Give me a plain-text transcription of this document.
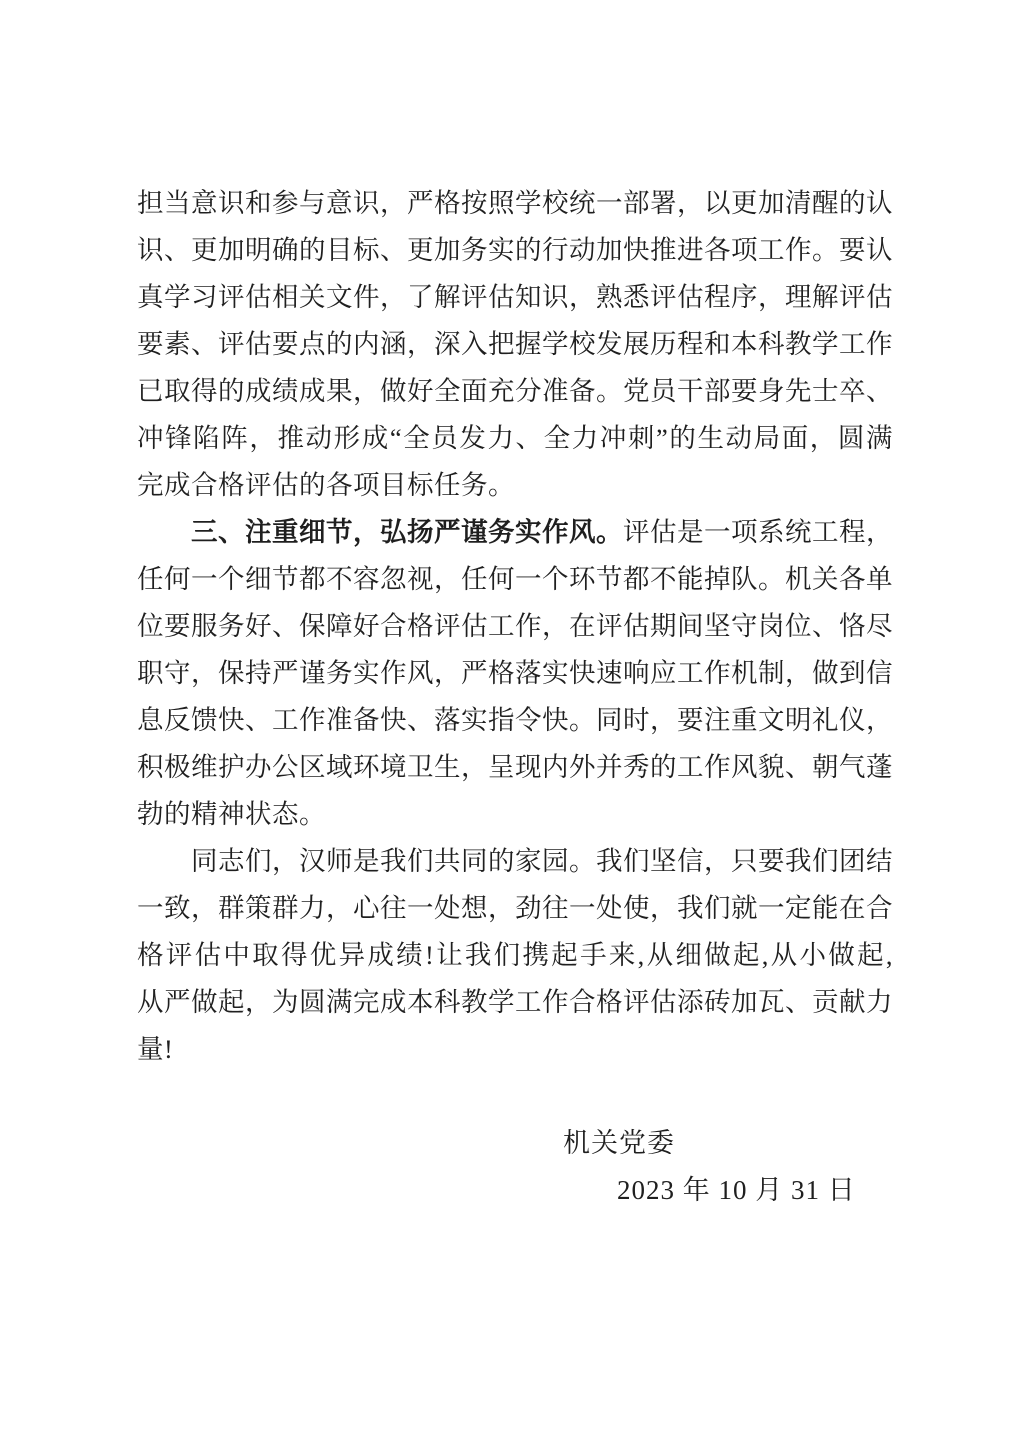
担当意识和参与意识，严格按照学校统一部署，以更加清醒的认
识、更加明确的目标、更加务实的行动加快推进各项工作。要认
真学习评估相关文件，了解评估知识，熟悉评估程序，理解评估
要素、评估要点的内涵，深入把握学校发展历程和本科教学工作
已取得的成绩成果，做好全面充分准备。党员干部要身先士卒、
冲锋陷阵，推动形成“全员发力、全力冲刺”的生动局面，圆满
完成合格评估的各项目标任务。
三、注重细节，弘扬严谨务实作风。评估是一项系统工程，
任何一个细节都不容忽视，任何一个环节都不能掉队。机关各单
位要服务好、保障好合格评估工作，在评估期间坚守岗位、恪尽
职守，保持严谨务实作风，严格落实快速响应工作机制，做到信
息反馈快、工作准备快、落实指令快。同时，要注重文明礼仪，
积极维护办公区域环境卫生，呈现内外并秀的工作风貌、朝气蓬
勃的精神状态。
同志们，汉师是我们共同的家园。我们坚信，只要我们团结
一致，群策群力，心往一处想，劲往一处使，我们就一定能在合
格评估中取得优异成绩!让我们携起手来,从细做起,从小做起,
从严做起，为圆满完成本科教学工作合格评估添砖加瓦、贡献力
量!
机关党委
2023 年 10 月 31 日
